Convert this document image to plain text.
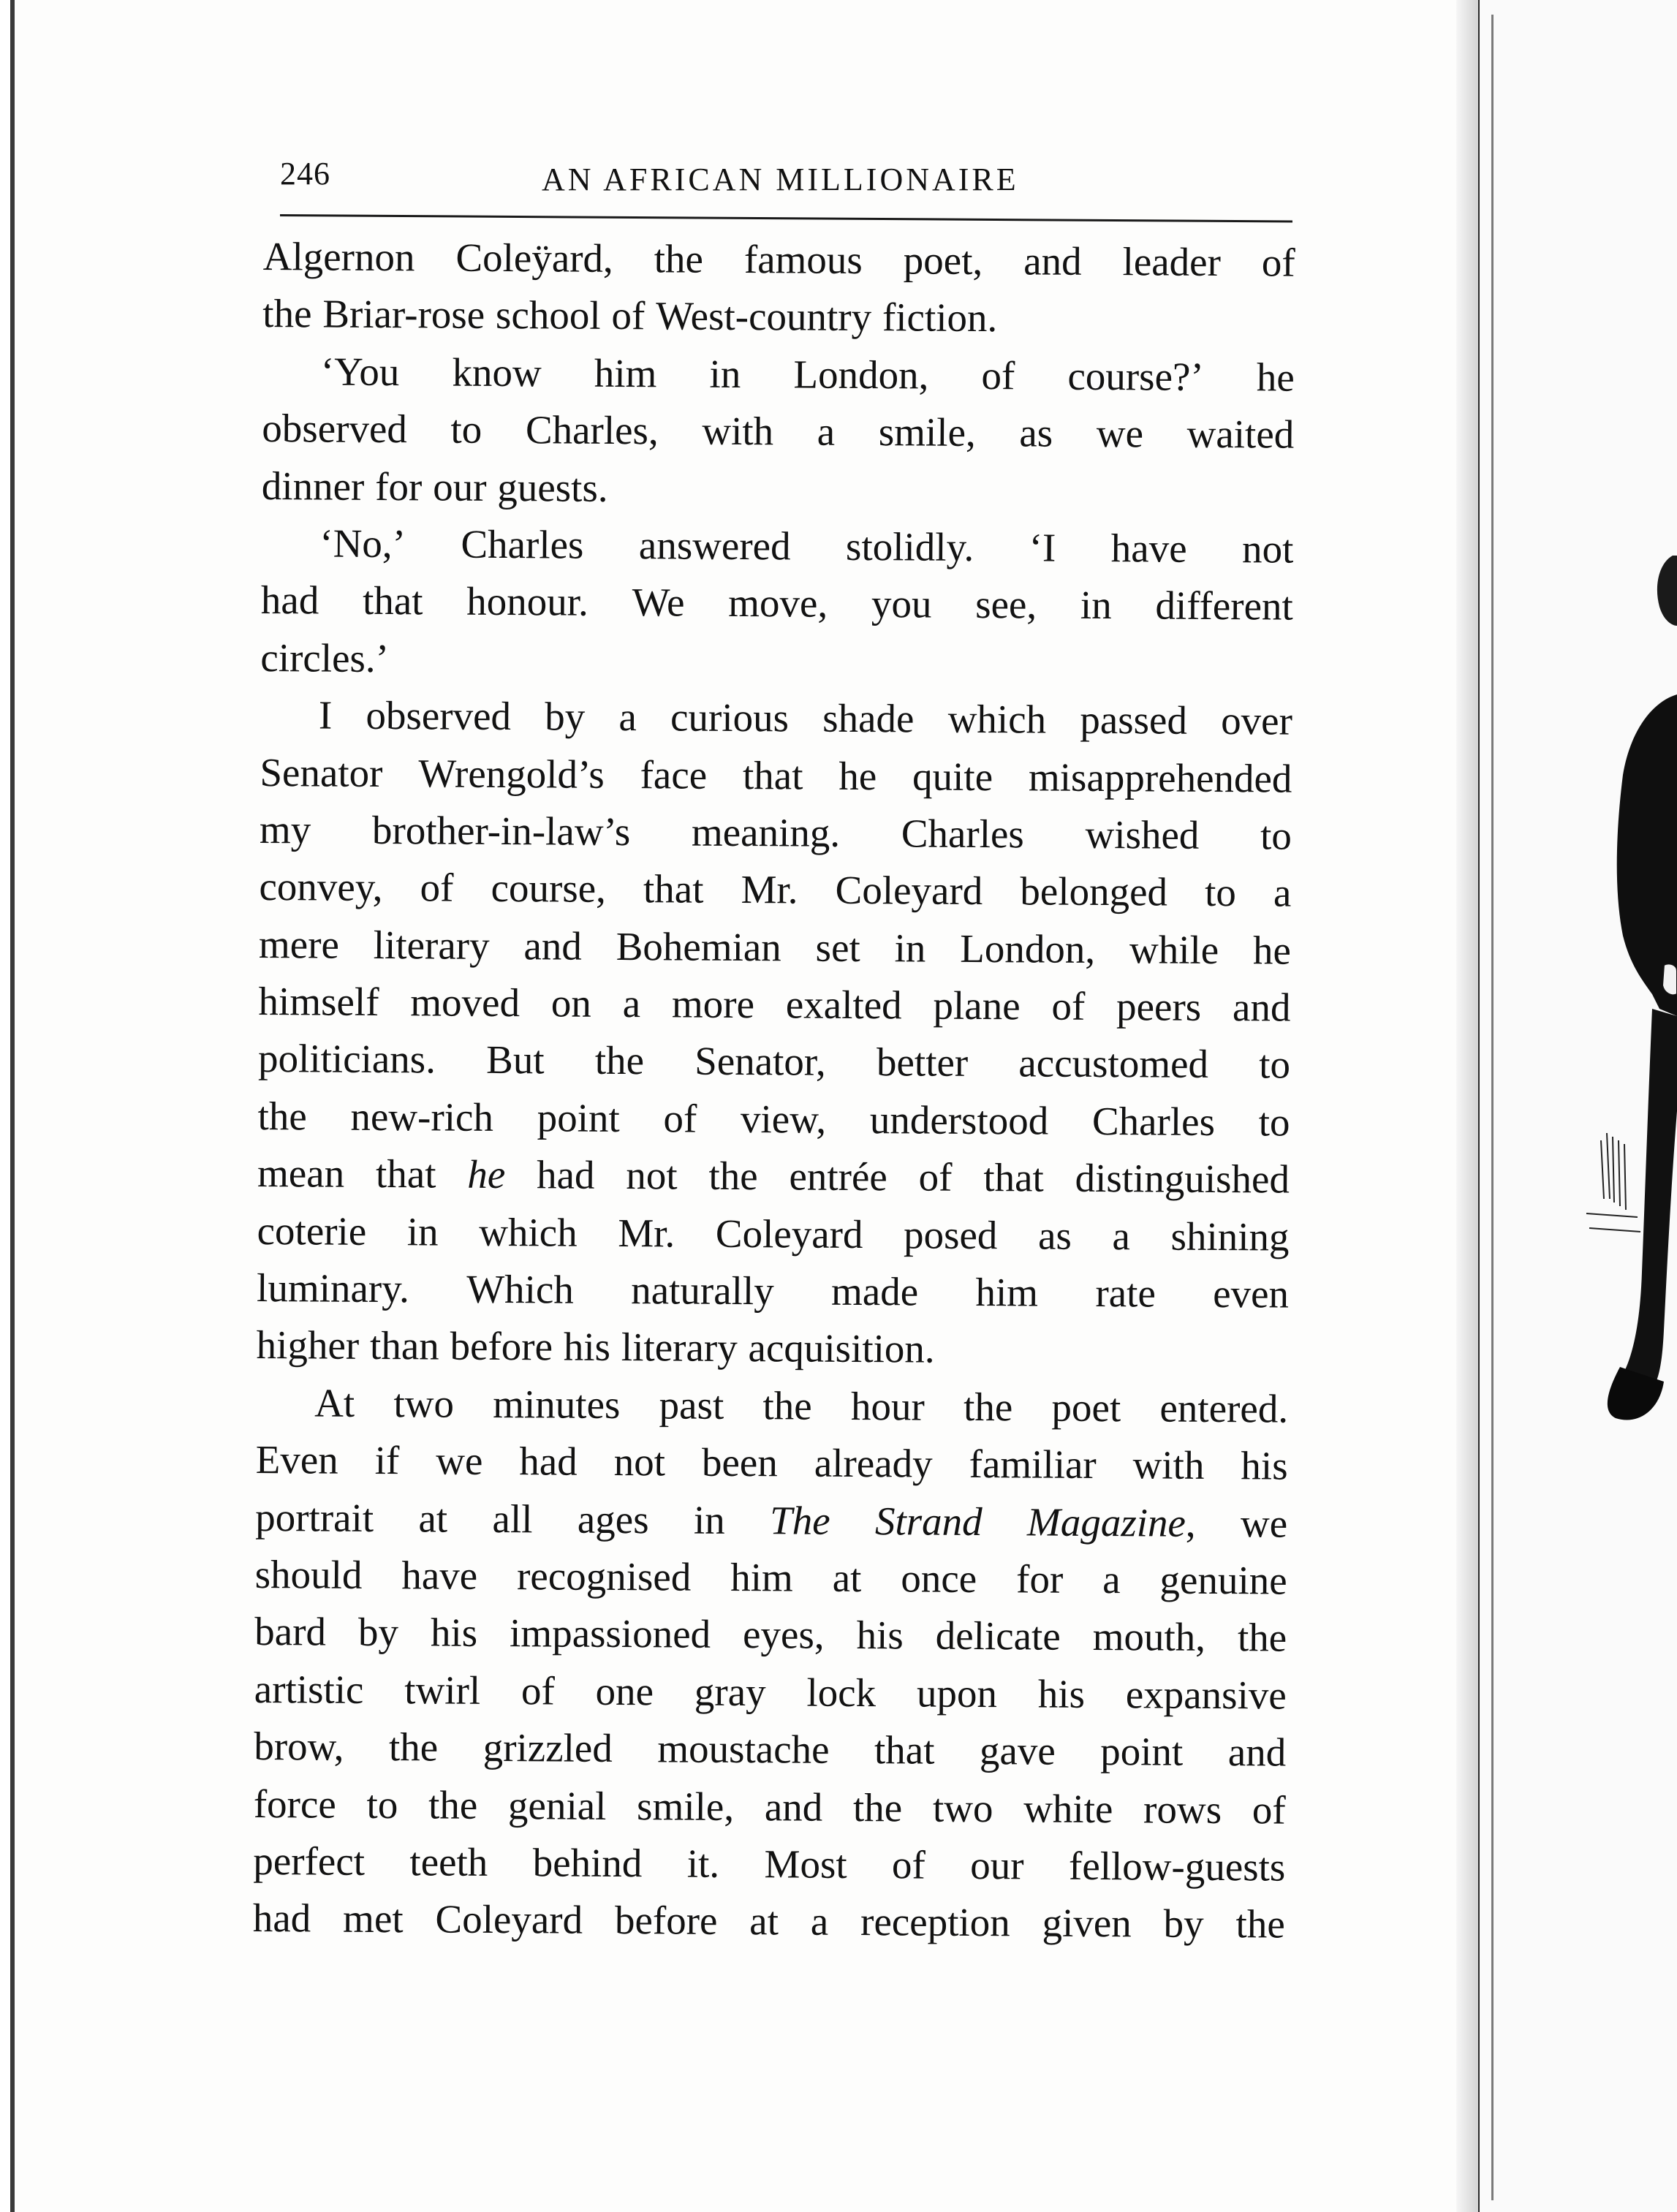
246	AN AFRICAN MILLIONAIRE
Algernon Coleÿard, the famous poet, and leader of
the Briar-rose school of West-country fiction.
‘You know him in London, of course?’ he
observed to Charles, with a smile, as we waited
dinner for our guests.
‘No,’ Charles answered stolidly. ‘I have not
had that honour. We move, you see, in different
circles.’
I observed by a curious shade which passed over
Senator Wrengold’s face that he quite misapprehended
my brother-in-law’s meaning. Charles wished to
convey, of course, that Mr. Coleyard belonged to a
mere literary and Bohemian set in London, while he
himself moved on a more exalted plane of peers and
politicians. But the Senator, better accustomed to
the new-rich point of view, understood Charles to
mean that he had not the entrée of that distinguished
coterie in which Mr. Coleyard posed as a shining
luminary. Which naturally made him rate even
higher than before his literary acquisition.
At two minutes past the hour the poet entered.
Even if we had not been already familiar with his
portrait at all ages in The Strand Magazine, we
should have recognised him at once for a genuine
bard by his impassioned eyes, his delicate mouth, the
artistic twirl of one gray lock upon his expansive
brow, the grizzled moustache that gave point and
force to the genial smile, and the two white rows of
perfect teeth behind it. Most of our fellow-guests
had met Coleyard before at a reception given by the
